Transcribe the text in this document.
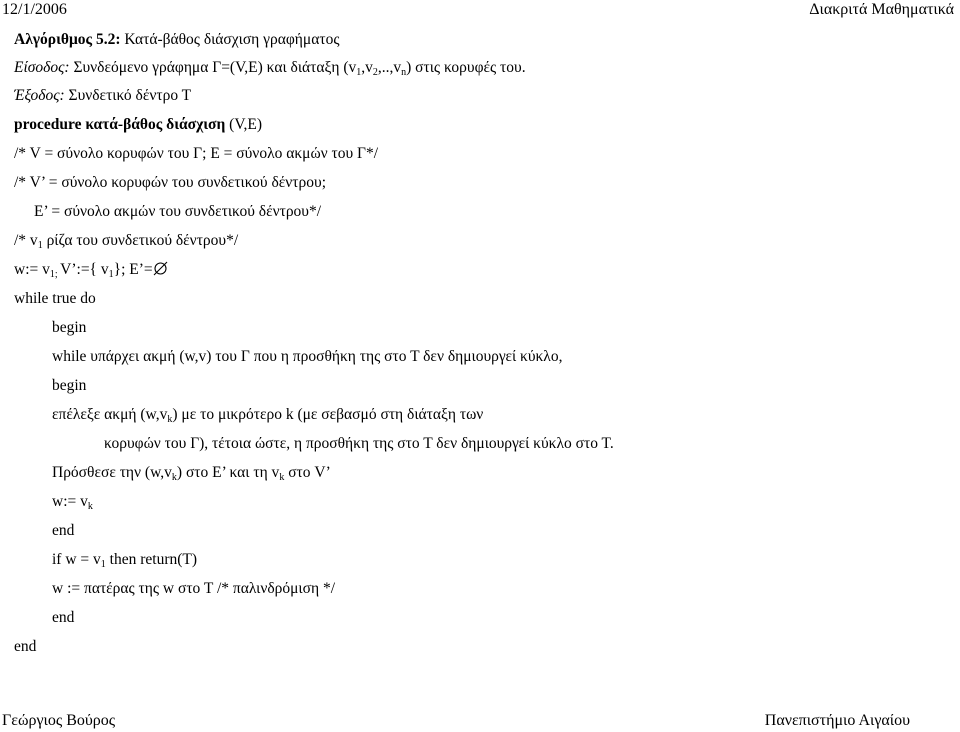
12/1/2006	Διακριτά Μαθηματικά
Αλγόριθμος 5.2: Κατά-βάθος διάσχιση γραφήματος
Είσοδος: Συνδεόμενο γράφημα Γ=(V,E) και διάταξη $(v_1,v_2,..,v_n)$ στις κορυφές του.
Έξοδος: Συνδετικό δέντρο Τ
procedure κατά-βάθος διάσχιση (V,E)
/* V = σύνολο κορυφών του Γ; E = σύνολο ακμών του Γ*/
/* V’ = σύνολο κορυφών του συνδετικού δέντρου;
E’ = σύνολο ακμών του συνδετικού δέντρου*/
/* $v_1$ ρίζα του συνδετικού δέντρου*/
w:= $v_{1;}$ V’:={ $v_1$}; E’=
while true do
begin
while υπάρχει ακμή (w,v) του Γ που η προσθήκη της στο Τ δεν δημιουργεί κύκλο,
begin
επέλεξε ακμή $(w,v_k)$ με το μικρότερο k (με σεβασμό στη διάταξη των
κορυφών του Γ), τέτοια ώστε, η προσθήκη της στο Τ δεν δημιουργεί κύκλο στο Τ.
Πρόσθεσε την $(w,v_k)$ στο E’ και τη $v_k$ στο V’
w:= $v_k$
end
if $w = v_1$ then return(T)
w := πατέρας της w στο Τ /* παλινδρόμιση */
end
end
Γεώργιος Βούρος	Πανεπιστήμιο Αιγαίου
